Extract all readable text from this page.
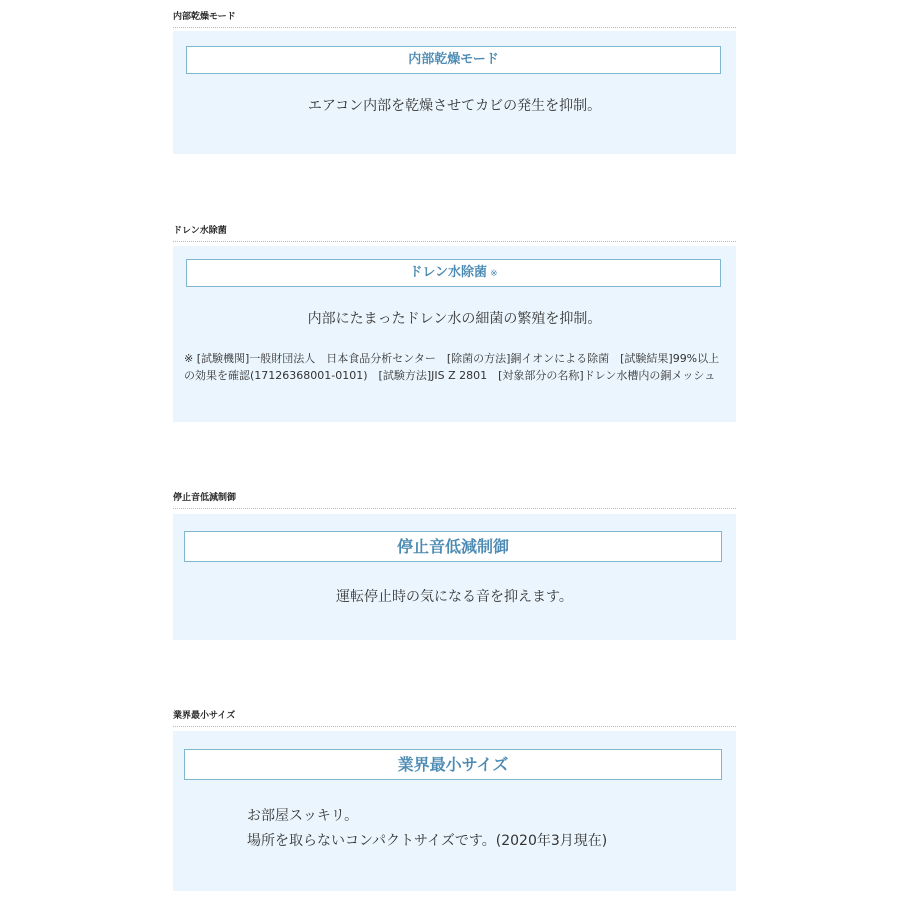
内部乾燥モード
内部乾燥モード
エアコン内部を乾燥させてカビの発生を抑制。
ドレン水除菌
ドレン水除菌 ※
内部にたまったドレン水の細菌の繁殖を抑制。
※ [試験機関]一般財団法人　日本食品分析センター　[除菌の方法]銅イオンによる除菌　[試験結果]99%以上の効果を確認(17126368001-0101)　[試験方法]JIS Z 2801　[対象部分の名称]ドレン水槽内の銅メッシュ
停止音低減制御
停止音低減制御
運転停止時の気になる音を抑えます。
業界最小サイズ
業界最小サイズ
お部屋スッキリ。
場所を取らないコンパクトサイズです。(2020年3月現在)
